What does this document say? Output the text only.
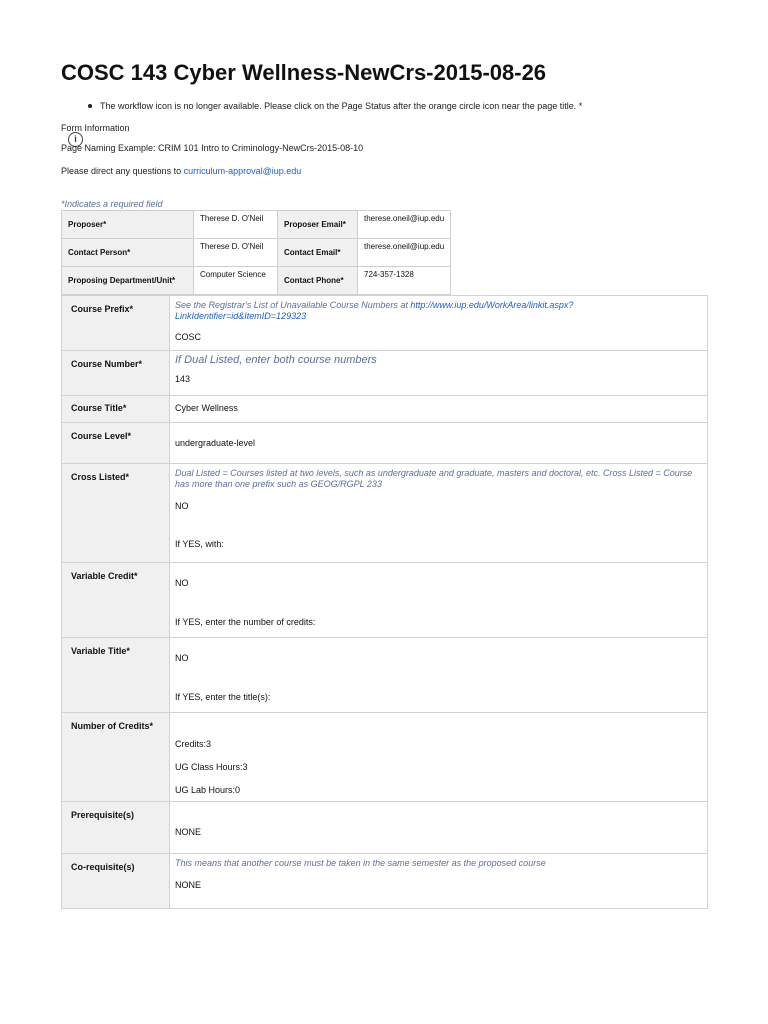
COSC 143 Cyber Wellness-NewCrs-2015-08-26
The workflow icon is no longer available. Please click on the Page Status after the orange circle icon near the page title. *
Form Information
i
Page Naming Example: CRIM 101 Intro to Criminology-NewCrs-2015-08-10
Please direct any questions to curriculum-approval@iup.edu
*Indicates a required field
Proposer*	Therese D. O'Neil	Proposer Email*	therese.oneil@iup.edu
Contact Person*	Therese D. O'Neil	Contact Email*	therese.oneil@iup.edu
Proposing Department/Unit*	Computer Science	Contact Phone*	724-357-1328
Course Prefix*	See the Registrar's List of Unavailable Course Numbers at http://www.iup.edu/WorkArea/linkit.aspx?LinkIdentifier=id&ItemID=129323
COSC

Course Number*	If Dual Listed, enter both course numbers
143

Course Title*	Cyber Wellness
Course Level*	undergraduate-level

Cross Listed*	Dual Listed = Courses listed at two levels, such as undergraduate and graduate, masters and doctoral, etc. Cross Listed = Course has more than one prefix such as GEOG/RGPL 233
NO
If YES, with:

Variable Credit*	NO
If YES, enter the number of credits:

Variable Title*	NO
If YES, enter the title(s):

Number of Credits*	Credits:3
UG Class Hours:3
UG Lab Hours:0

Prerequisite(s)	NONE

Co-requisite(s)	This means that another course must be taken in the same semester as the proposed course
NONE
